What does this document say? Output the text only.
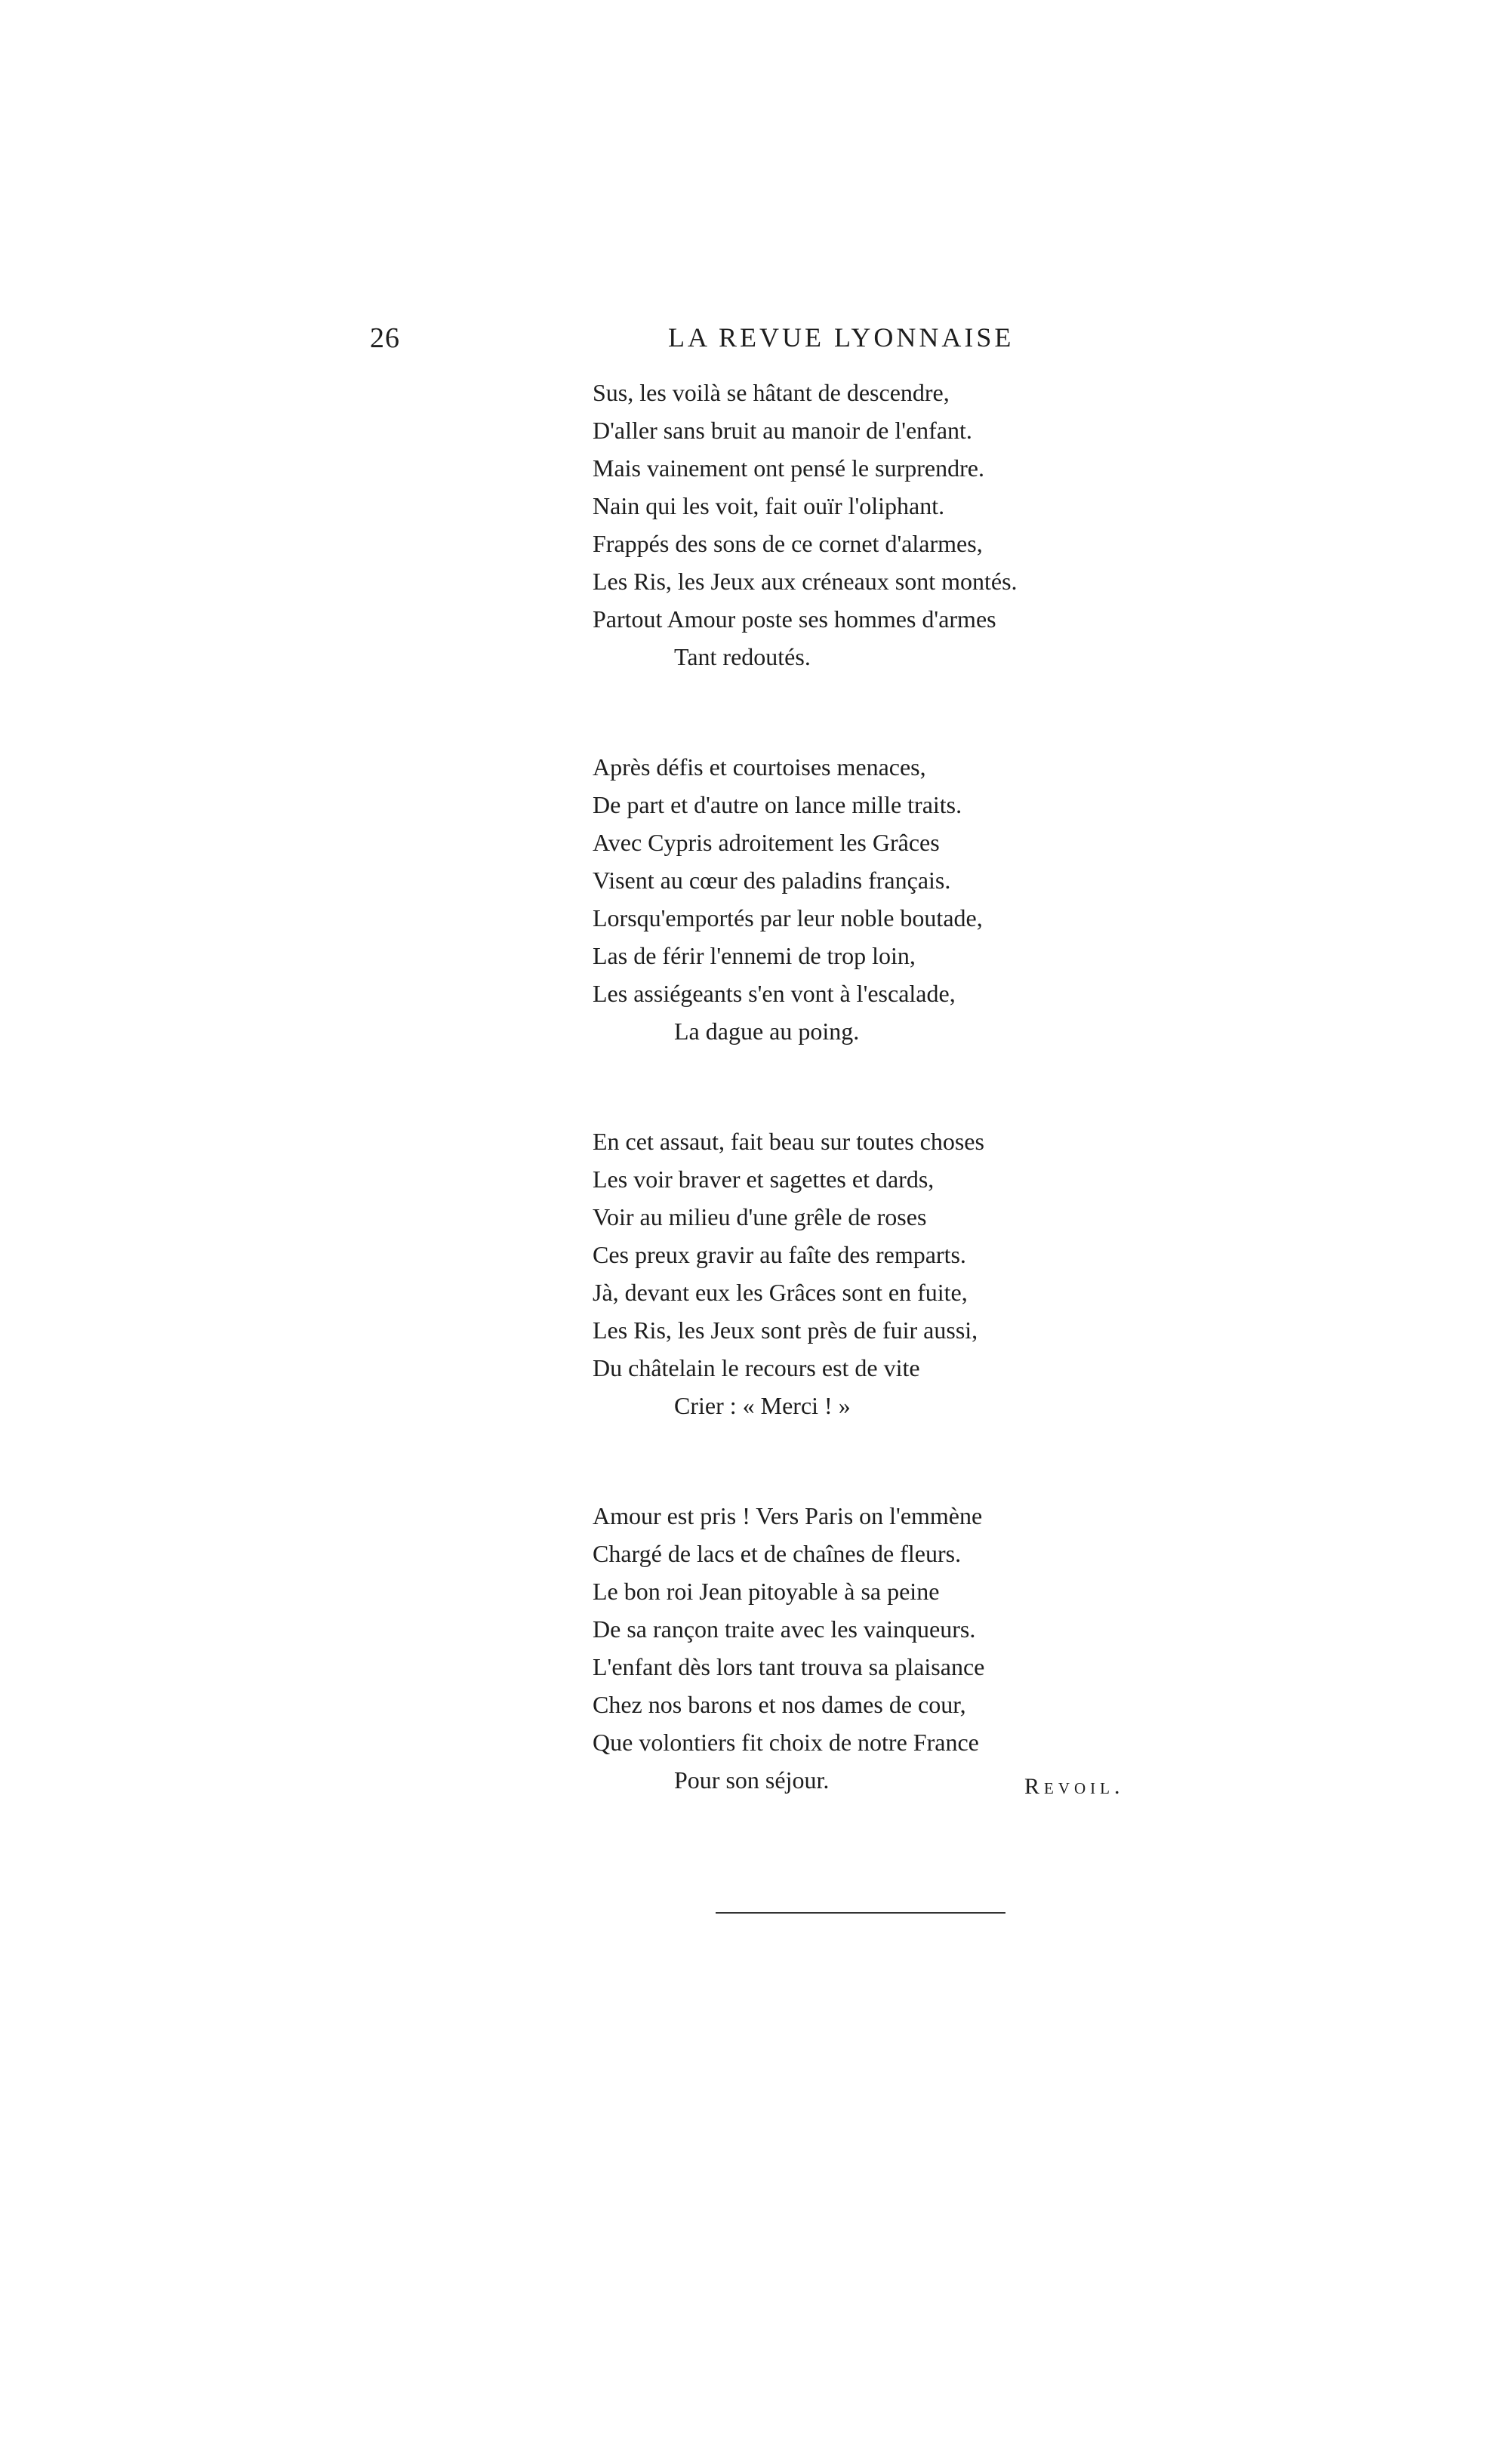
26	LA REVUE LYONNAISE
Sus, les voilà se hâtant de descendre,
D'aller sans bruit au manoir de l'enfant.
Mais vainement ont pensé le surprendre.
Nain qui les voit, fait ouïr l'oliphant.
Frappés des sons de ce cornet d'alarmes,
Les Ris, les Jeux aux créneaux sont montés.
Partout Amour poste ses hommes d'armes
Tant redoutés.
Après défis et courtoises menaces,
De part et d'autre on lance mille traits.
Avec Cypris adroitement les Grâces
Visent au cœur des paladins français.
Lorsqu'emportés par leur noble boutade,
Las de férir l'ennemi de trop loin,
Les assiégeants s'en vont à l'escalade,
La dague au poing.
En cet assaut, fait beau sur toutes choses
Les voir braver et sagettes et dards,
Voir au milieu d'une grêle de roses
Ces preux gravir au faîte des remparts.
Jà, devant eux les Grâces sont en fuite,
Les Ris, les Jeux sont près de fuir aussi,
Du châtelain le recours est de vite
Crier : « Merci ! »
Amour est pris ! Vers Paris on l'emmène
Chargé de lacs et de chaînes de fleurs.
Le bon roi Jean pitoyable à sa peine
De sa rançon traite avec les vainqueurs.
L'enfant dès lors tant trouva sa plaisance
Chez nos barons et nos dames de cour,
Que volontiers fit choix de notre France
Pour son séjour.	Revoil.
